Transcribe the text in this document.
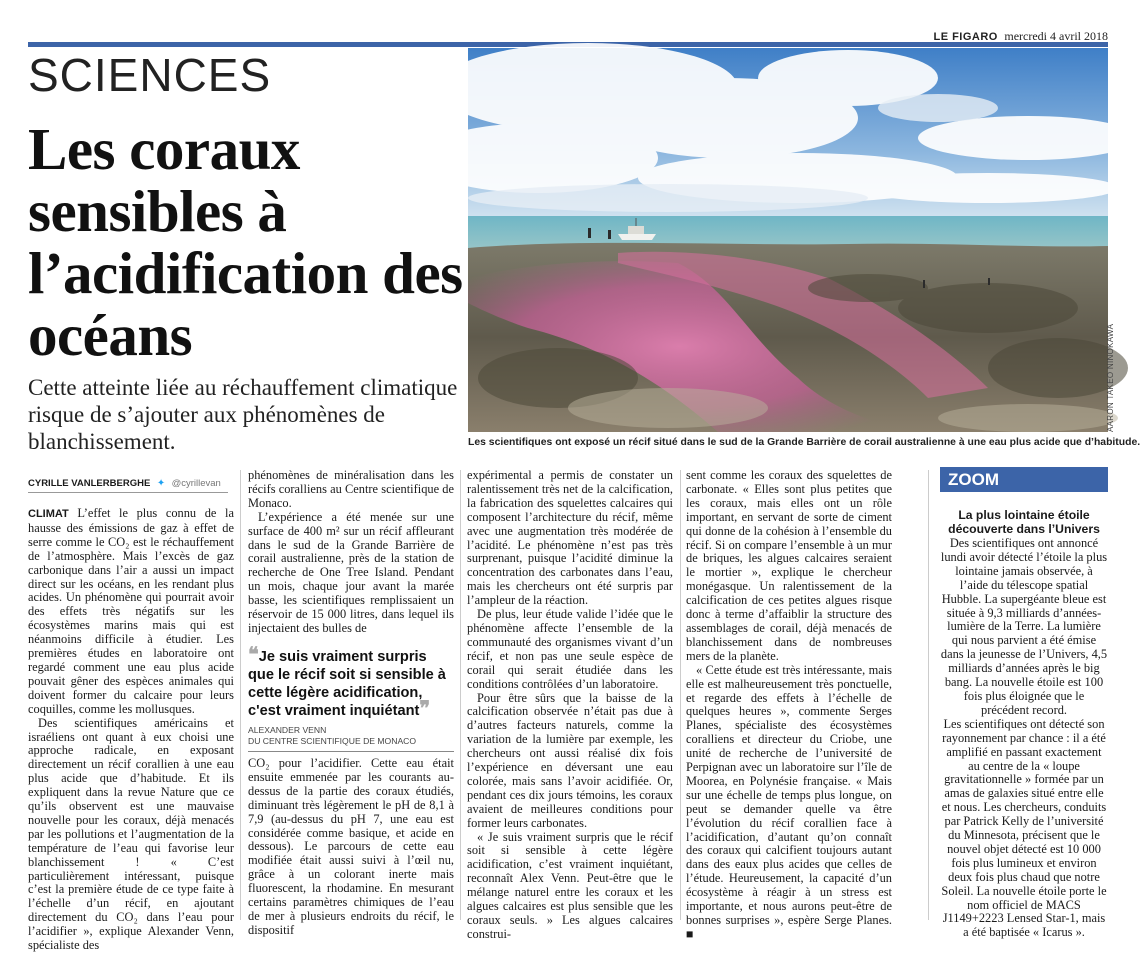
LE FIGARO mercredi 4 avril 2018
SCIENCES
Les coraux sensibles à l’acidification des océans
Cette atteinte liée au réchauffement climatique risque de s’ajouter aux phénomènes de blanchissement.
AARON TAKEO NINOKAWA
Les scientifiques ont exposé un récif situé dans le sud de la Grande Barrière de corail australienne à une eau plus acide que d’habitude.
CYRILLE VANLERBERGHE ✦ @cyrillevan

CLIMAT L’effet le plus connu de la hausse des émissions de gaz à effet de serre comme le CO₂ est le réchauffement de l’atmosphère. Mais l’excès de gaz carbonique dans l’air a aussi un impact direct sur les océans, en les rendant plus acides. Un phénomène qui pourrait avoir des effets très négatifs sur les écosystèmes marins mais qui est néanmoins difficile à étudier. Les premières études en laboratoire ont regardé comment une eau plus acide pouvait gêner des espèces animales qui doivent former du calcaire pour leurs coquilles, comme les mollusques.

Des scientifiques américains et israéliens ont quant à eux choisi une approche radicale, en exposant directement un récif corallien à une eau plus acide que d’habitude. Et ils expliquent dans la revue Nature que ce qu’ils observent est une mauvaise nouvelle pour les coraux, déjà menacés par les pollutions et l’augmentation de la température de l’eau qui favorise leur blanchissement ! « C’est particulièrement intéressant, puisque c’est la première étude de ce type faite à l’échelle d’un récif, en ajoutant directement du CO₂ dans l’eau pour l’acidifier », explique Alexander Venn, spécialiste des

phénomènes de minéralisation dans les récifs coralliens au Centre scientifique de Monaco.

L’expérience a été menée sur une surface de 400 m² sur un récif affleurant dans le sud de la Grande Barrière de corail australienne, près de la station de recherche de One Tree Island. Pendant un mois, chaque jour avant la marée basse, les scientifiques remplissaient un réservoir de 15 000 litres, dans lequel ils injectaient des bulles de

❝Je suis vraiment surpris que le récif soit si sensible à cette légère acidification, c'est vraiment inquiétant❞
ALEXANDER VENN
DU CENTRE SCIENTIFIQUE DE MONACO

CO₂ pour l’acidifier. Cette eau était ensuite emmenée par les courants au-dessus de la partie des coraux étudiés, diminuant très légèrement le pH de 8,1 à 7,9 (au-dessus du pH 7, une eau est considérée comme basique, et acide en dessous). Le parcours de cette eau modifiée était aussi suivi à l’œil nu, grâce à un colorant inerte mais fluorescent, la rhodamine. En mesurant certains paramètres chimiques de l’eau de mer à plusieurs endroits du récif, le dispositif

expérimental a permis de constater un ralentissement très net de la calcification, la fabrication des squelettes calcaires qui composent l’architecture du récif, même avec une augmentation très modérée de l’acidité. Le phénomène n’est pas très surprenant, puisque l’acidité diminue la concentration des carbonates dans l’eau, mais les chercheurs ont été surpris par l’ampleur de la réaction.

De plus, leur étude valide l’idée que le phénomène affecte l’ensemble de la communauté des organismes vivant d’un récif, et non pas une seule espèce de corail qui serait étudiée dans les conditions contrôlées d’un laboratoire.

Pour être sûrs que la baisse de la calcification observée n’était pas due à d’autres facteurs naturels, comme la variation de la lumière par exemple, les chercheurs ont aussi réalisé dix fois l’expérience en déversant une eau colorée, mais sans l’avoir acidifiée. Or, pendant ces dix jours témoins, les coraux avaient de meilleures conditions pour former leurs carbonates.

« Je suis vraiment surpris que le récif soit si sensible à cette légère acidification, c’est vraiment inquiétant, reconnaît Alex Venn. Peut-être que le mélange naturel entre les coraux et les algues calcaires est plus sensible que les coraux seuls. » Les algues calcaires construi-

sent comme les coraux des squelettes de carbonate. « Elles sont plus petites que les coraux, mais elles ont un rôle important, en servant de sorte de ciment qui donne de la cohésion à l’ensemble du récif. Si on compare l’ensemble à un mur de briques, les algues calcaires seraient le mortier », explique le chercheur monégasque. Un ralentissement de la calcification de ces petites algues risque donc à terme d’affaiblir la structure des assemblages de corail, déjà menacés de blanchissement dans de nombreuses mers de la planète.

« Cette étude est très intéressante, mais elle est malheureusement très ponctuelle, et regarde des effets à l’échelle de quelques heures », commente Serges Planes, spécialiste des écosystèmes coralliens et directeur du Criobe, une unité de recherche de l’université de Perpignan avec un laboratoire sur l’île de Moorea, en Polynésie française. « Mais sur une échelle de temps plus longue, on peut se demander quelle va être l’évolution du récif corallien face à l’acidification, d’autant qu’on connaît des coraux qui calcifient toujours autant dans des eaux plus acides que celles de l’étude. Heureusement, la capacité d’un écosystème à réagir à un stress est importante, et nous aurons peut-être de bonnes surprises », espère Serge Planes. ■

ZOOM
La plus lointaine étoile découverte dans l’Univers

Des scientifiques ont annoncé lundi avoir détecté l’étoile la plus lointaine jamais observée, à l’aide du télescope spatial Hubble. La supergéante bleue est située à 9,3 milliards d’années-lumière de la Terre. La lumière qui nous parvient a été émise dans la jeunesse de l’Univers, 4,5 milliards d’années après le big bang. La nouvelle étoile est 100 fois plus éloignée que le précédent record.

Les scientifiques ont détecté son rayonnement par chance : il a été amplifié en passant exactement au centre de la « loupe gravitationnelle » formée par un amas de galaxies situé entre elle et nous. Les chercheurs, conduits par Patrick Kelly de l’université du Minnesota, précisent que le nouvel objet détecté est 10 000 fois plus lumineux et environ deux fois plus chaud que notre Soleil. La nouvelle étoile porte le nom officiel de MACS J1149+2223 Lensed Star-1, mais a été baptisée « Icarus ».
